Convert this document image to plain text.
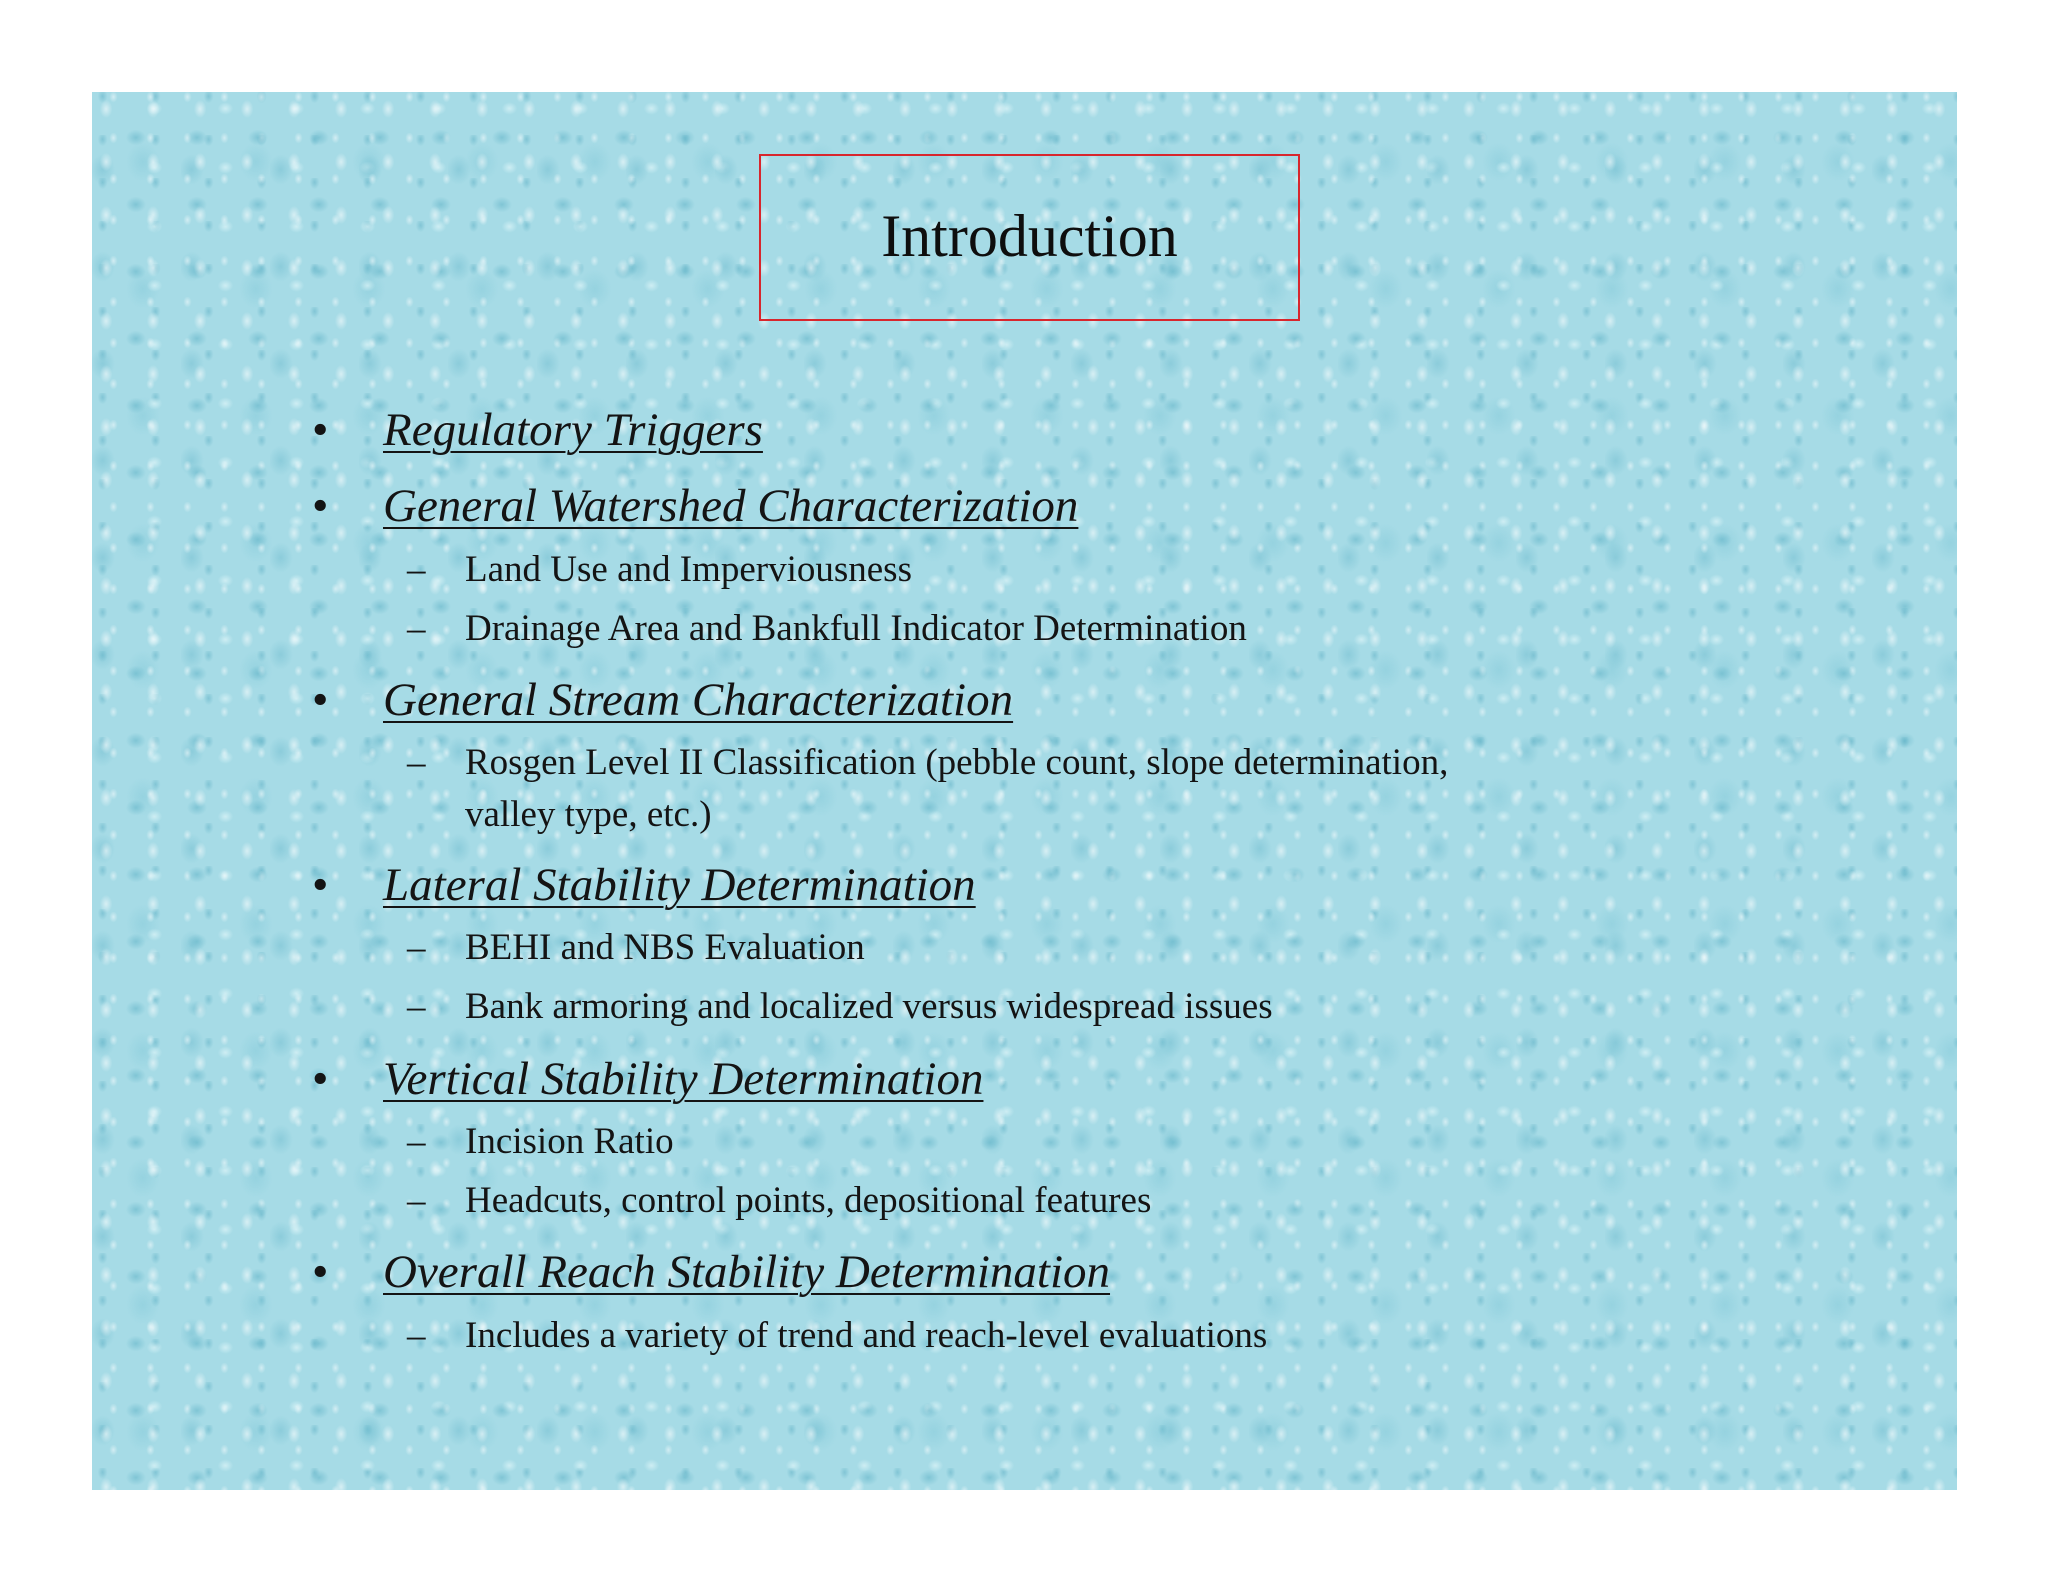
Introduction
• Regulatory Triggers
• General Watershed Characterization
– Land Use and Imperviousness
– Drainage Area and Bankfull Indicator Determination
• General Stream Characterization
– Rosgen Level II Classification (pebble count, slope determination,
valley type, etc.)
• Lateral Stability Determination
– BEHI and NBS Evaluation
– Bank armoring and localized versus widespread issues
• Vertical Stability Determination
– Incision Ratio
– Headcuts, control points, depositional features
• Overall Reach Stability Determination
– Includes a variety of trend and reach-level evaluations
